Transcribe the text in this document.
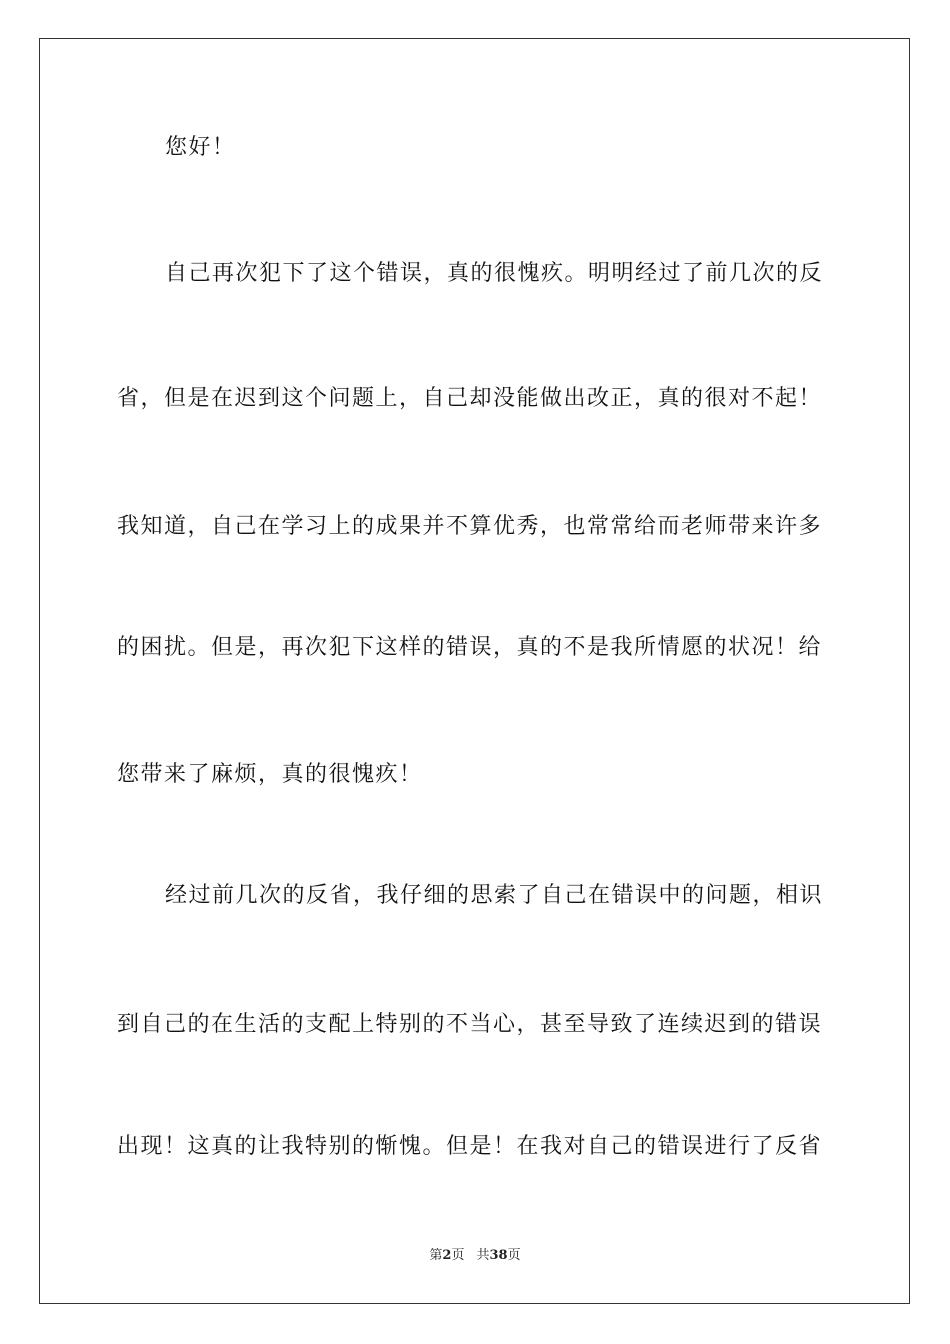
您好！
自己再次犯下了这个错误，真的很愧疚。明明经过了前几次的反
省，但是在迟到这个问题上，自己却没能做出改正，真的很对不起！
我知道，自己在学习上的成果并不算优秀，也常常给而老师带来许多
的困扰。但是，再次犯下这样的错误，真的不是我所情愿的状况！给
您带来了麻烦，真的很愧疚！
经过前几次的反省，我仔细的思索了自己在错误中的问题，相识
到自己的在生活的支配上特别的不当心，甚至导致了连续迟到的错误
出现！这真的让我特别的惭愧。但是！在我对自己的错误进行了反省
第2页 共38页
